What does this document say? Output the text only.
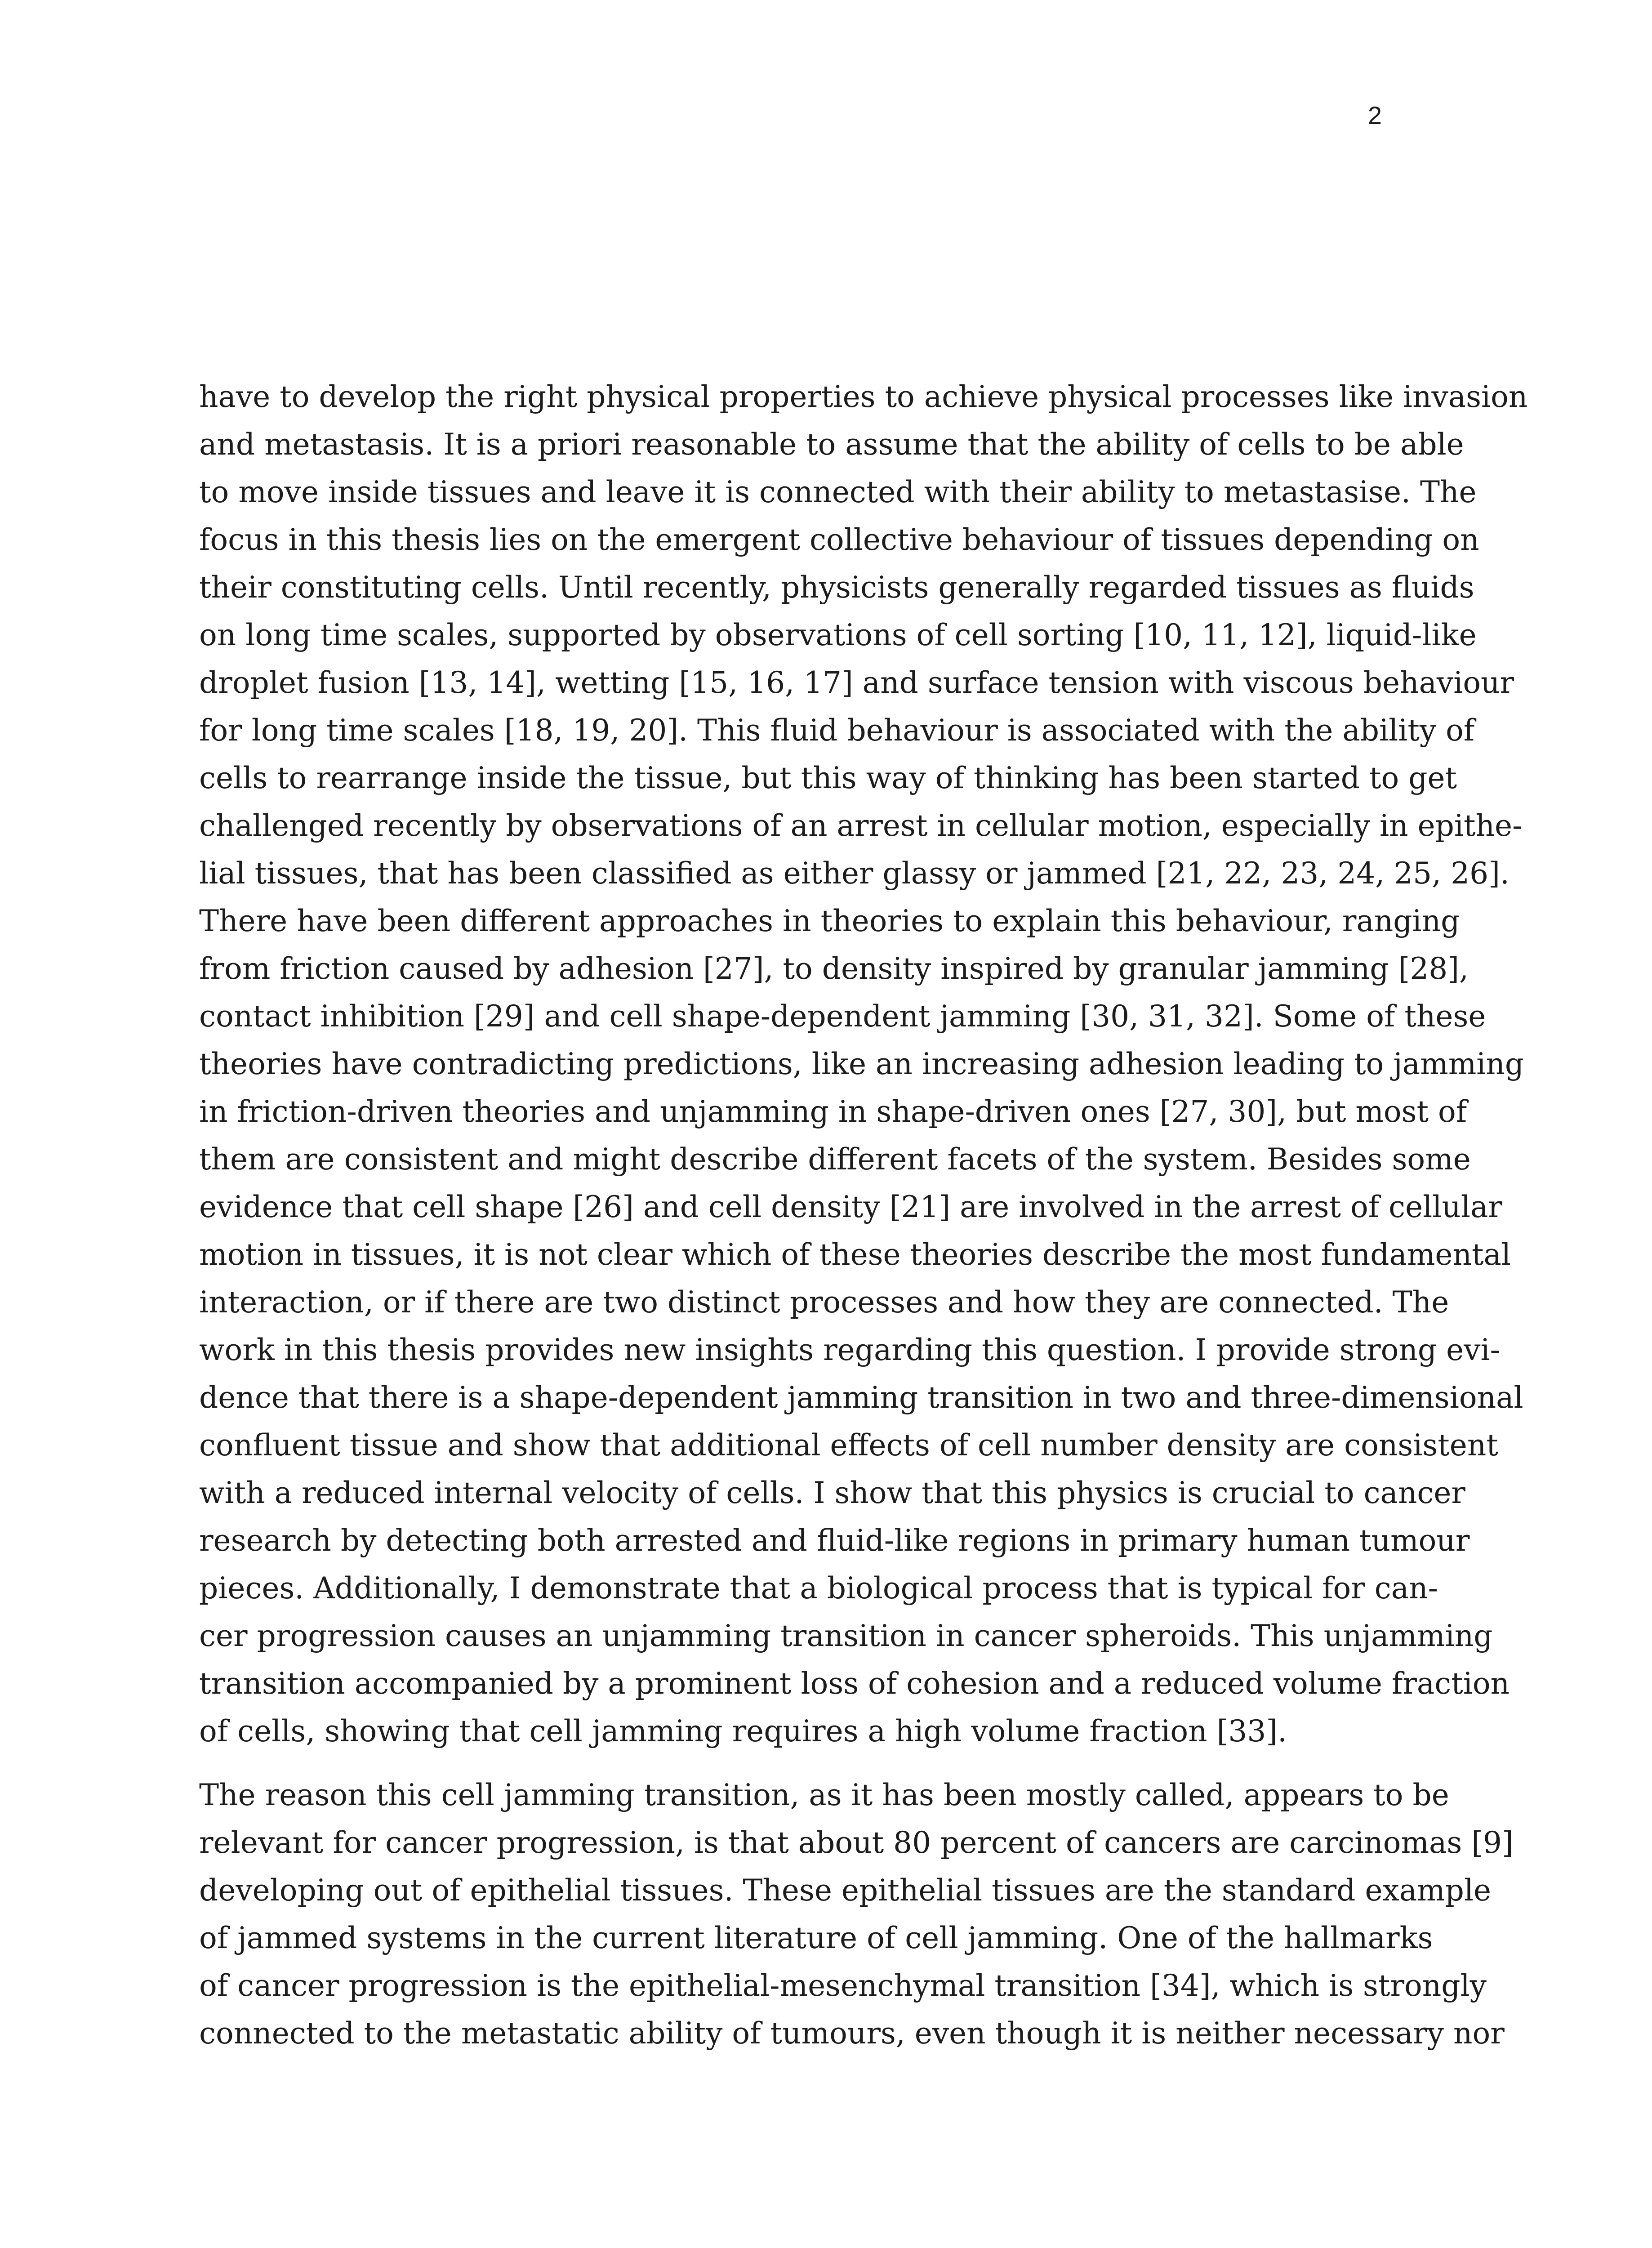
2

have to develop the right physical properties to achieve physical processes like invasion
and metastasis. It is a priori reasonable to assume that the ability of cells to be able
to move inside tissues and leave it is connected with their ability to metastasise. The
focus in this thesis lies on the emergent collective behaviour of tissues depending on
their constituting cells. Until recently, physicists generally regarded tissues as fluids
on long time scales, supported by observations of cell sorting [10, 11, 12], liquid-like
droplet fusion [13, 14], wetting [15, 16, 17] and surface tension with viscous behaviour
for long time scales [18, 19, 20]. This fluid behaviour is associated with the ability of
cells to rearrange inside the tissue, but this way of thinking has been started to get
challenged recently by observations of an arrest in cellular motion, especially in epithe-
lial tissues, that has been classified as either glassy or jammed [21, 22, 23, 24, 25, 26].
There have been different approaches in theories to explain this behaviour, ranging
from friction caused by adhesion [27], to density inspired by granular jamming [28],
contact inhibition [29] and cell shape-dependent jamming [30, 31, 32]. Some of these
theories have contradicting predictions, like an increasing adhesion leading to jamming
in friction-driven theories and unjamming in shape-driven ones [27, 30], but most of
them are consistent and might describe different facets of the system. Besides some
evidence that cell shape [26] and cell density [21] are involved in the arrest of cellular
motion in tissues, it is not clear which of these theories describe the most fundamental
interaction, or if there are two distinct processes and how they are connected. The
work in this thesis provides new insights regarding this question. I provide strong evi-
dence that there is a shape-dependent jamming transition in two and three-dimensional
confluent tissue and show that additional effects of cell number density are consistent
with a reduced internal velocity of cells. I show that this physics is crucial to cancer
research by detecting both arrested and fluid-like regions in primary human tumour
pieces. Additionally, I demonstrate that a biological process that is typical for can-
cer progression causes an unjamming transition in cancer spheroids. This unjamming
transition accompanied by a prominent loss of cohesion and a reduced volume fraction
of cells, showing that cell jamming requires a high volume fraction [33].

The reason this cell jamming transition, as it has been mostly called, appears to be
relevant for cancer progression, is that about 80 percent of cancers are carcinomas [9]
developing out of epithelial tissues. These epithelial tissues are the standard example
of jammed systems in the current literature of cell jamming. One of the hallmarks
of cancer progression is the epithelial-mesenchymal transition [34], which is strongly
connected to the metastatic ability of tumours, even though it is neither necessary nor
